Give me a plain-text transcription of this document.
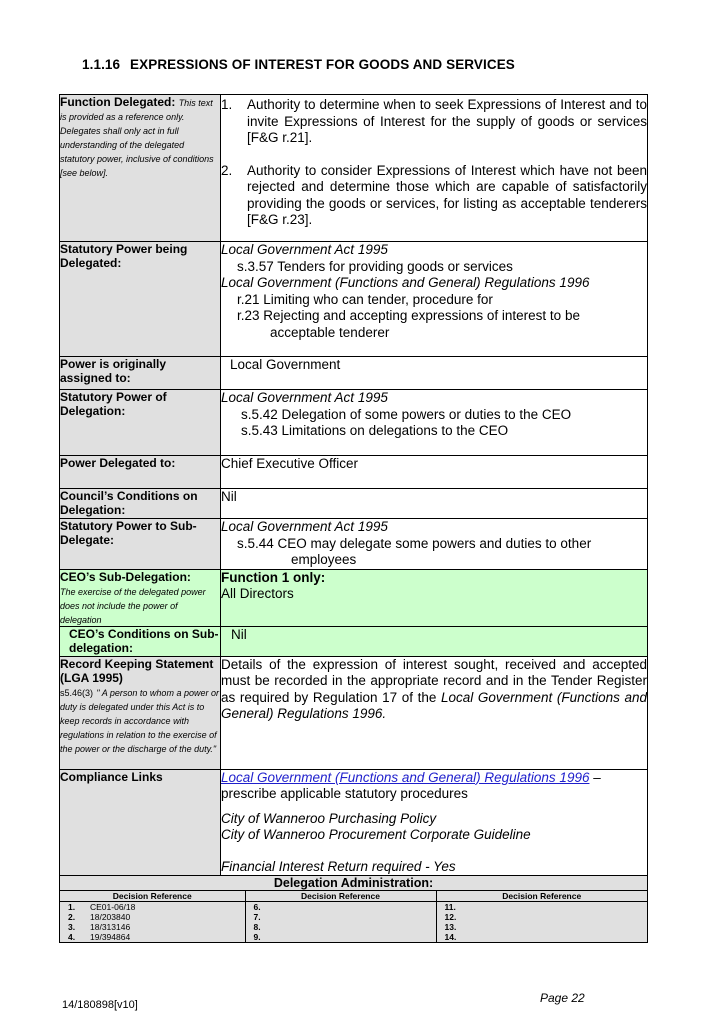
1.1.16 EXPRESSIONS OF INTEREST FOR GOODS AND SERVICES
Function Delegated: This text is provided as a reference only. Delegates shall only act in full understanding of the delegated statutory power, inclusive of conditions [see below].	
1.	Authority to determine when to seek Expressions of Interest and to invite Expressions of Interest for the supply of goods or services [F&G r.21].
2.	Authority to consider Expressions of Interest which have not been rejected and determine those which are capable of satisfactorily providing the goods or services, for listing as acceptable tenderers [F&G r.23].

Statutory Power being Delegated:	
Local Government Act 1995
s.3.57 Tenders for providing goods or services
Local Government (Functions and General) Regulations 1996
r.21 Limiting who can tender, procedure for
r.23 Rejecting and accepting expressions of interest to be acceptable tenderer

Power is originally assigned to:	Local Government
Statutory Power of Delegation:	
Local Government Act 1995
s.5.42 Delegation of some powers or duties to the CEO
s.5.43 Limitations on delegations to the CEO

Power Delegated to:	Chief Executive Officer
Council’s Conditions on Delegation:	Nil
Statutory Power to Sub-Delegate:	
Local Government Act 1995
s.5.44 CEO may delegate some powers and duties to other employees

CEO’s Sub-Delegation:
The exercise of the delegated power does not include the power of delegation	
Function 1 only:
All Directors

CEO’s Conditions on Sub-delegation:	Nil
Record Keeping Statement (LGA 1995)
s5.46(3) " A person to whom a power or duty is delegated under this Act is to keep records in accordance with regulations in relation to the exercise of the power or the discharge of the duty."	Details of the expression of interest sought, received and accepted must be recorded in the appropriate record and in the Tender Register as required by Regulation 17 of the Local Government (Functions and General) Regulations 1996.
Compliance Links	Local Government (Functions and General) Regulations 1996 –
prescribe applicable statutory procedures
City of Wanneroo Purchasing Policy
City of Wanneroo Procurement Corporate Guideline
Financial Interest Return required - Yes

Delegation Administration:
Decision Reference	Decision Reference	Decision Reference

1.	CE01-06/18	6.	11.

2.	18/203840	7.	12.

3.	18/313146	8.	13.

4.	19/394864	9.	14.
14/180898[v10]	Page 22
